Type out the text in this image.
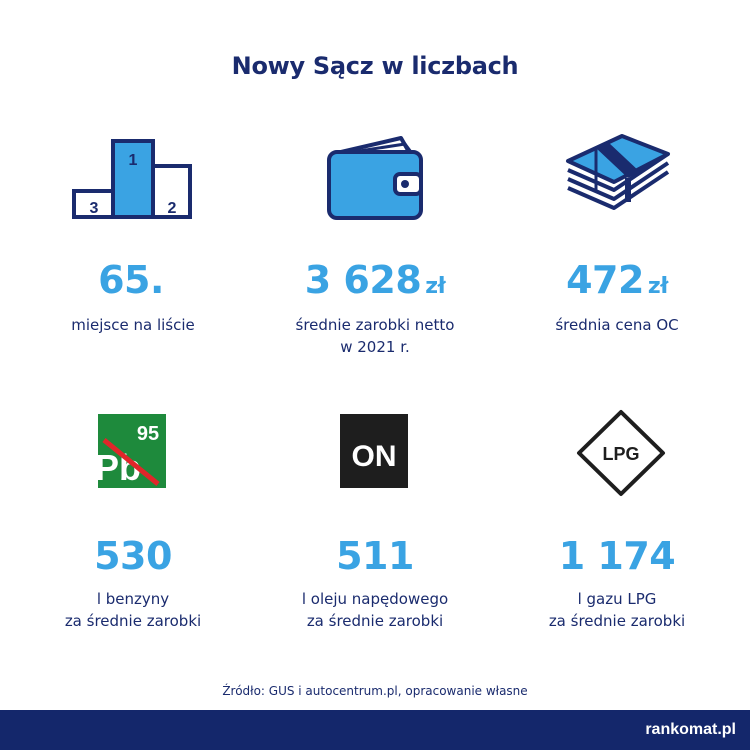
Nowy Sącz w liczbach
1
2
3
65.	3 628 zł	472 zł
miejsce na liście	średnie zarobki netto
w 2021 r.
średnia cena OC
Pb
95
ON	LPG
530	511	1 174
l benzyny
za średnie zarobki
l oleju napędowego
za średnie zarobki
l gazu LPG
za średnie zarobki
Źródło: GUS i autocentrum.pl, opracowanie własne
rankomat.pl
